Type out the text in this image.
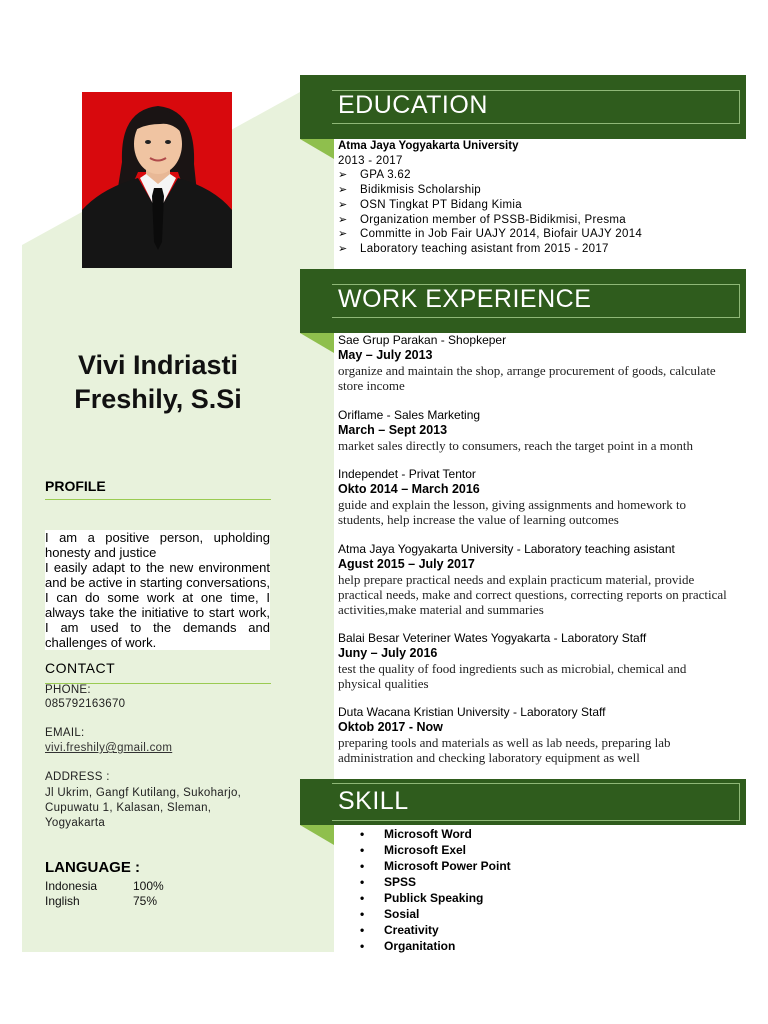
Vivi Indriasti
Freshily, S.Si
PROFILE

I am a positive person, upholding honesty and justice

I easily adapt to the new environment and be active in starting conversations, I can do some work at one time, I always take the initiative to start work, I am used to the demands and challenges of work.

CONTACT
PHONE:
085792163670
EMAIL:
vivi.freshily@gmail.com
ADDRESS :
Jl Ukrim, Gangf Kutilang, Sukoharjo,
Cupuwatu 1, Kalasan, Sleman,
Yogyakarta
LANGUAGE :
Indonesia	100%
Inglish	75%
EDUCATION
Atma Jaya Yogyakarta University
2013 - 2017
➢ GPA 3.62
➢ Bidikmisis Scholarship
➢ OSN Tingkat PT Bidang Kimia
➢ Organization member of PSSB-Bidikmisi, Presma
➢ Committe in Job Fair UAJY 2014, Biofair UAJY 2014
➢ Laboratory teaching asistant from 2015 - 2017
WORK EXPERIENCE
Sae Grup Parakan - Shopkeper
May – July 2013
organize and maintain the shop, arrange procurement of goods, calculate store income
Oriflame - Sales Marketing
March – Sept 2013
market sales directly to consumers, reach the target point in a month
Independet - Privat Tentor
Okto 2014 – March 2016
guide and explain the lesson, giving assignments and homework to students, help increase the value of learning outcomes
Atma Jaya Yogyakarta University - Laboratory teaching asistant
Agust 2015 – July 2017
help prepare practical needs and explain practicum material, provide practical needs, make and correct questions, correcting reports on practical activities,make material and summaries
Balai Besar Veteriner Wates Yogyakarta - Laboratory Staff
Juny – July 2016
test the quality of food ingredients such as microbial, chemical and physical qualities
Duta Wacana Kristian University - Laboratory Staff
Oktob 2017 - Now
preparing tools and materials as well as lab needs, preparing lab administration and checking laboratory equipment as well
SKILL
• Microsoft Word
• Microsoft Exel
• Microsoft Power Point
• SPSS
• Publick Speaking
• Sosial
• Creativity
• Organitation
